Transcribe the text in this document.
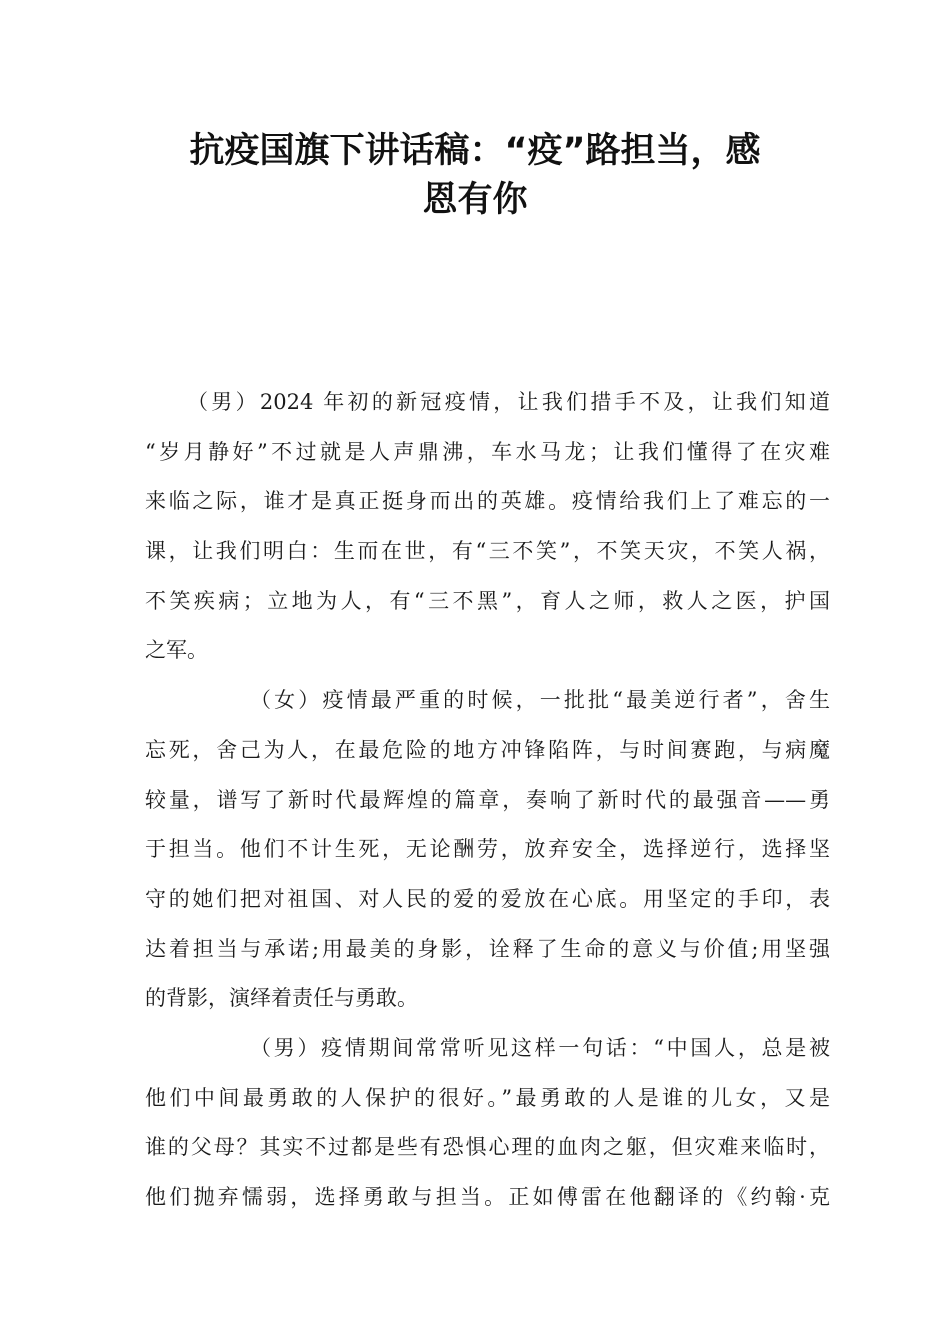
抗疫国旗下讲话稿：“疫”路担当，感
恩有你
（男）2024 年初的新冠疫情，让我们措手不及，让我们知道
“岁月静好”不过就是人声鼎沸，车水马龙；让我们懂得了在灾难
来临之际，谁才是真正挺身而出的英雄。疫情给我们上了难忘的一
课，让我们明白：生而在世，有“三不笑”，不笑天灾，不笑人祸，
不笑疾病；立地为人，有“三不黑”，育人之师，救人之医，护国
之军。
（女）疫情最严重的时候，一批批“最美逆行者”，舍生
忘死，舍己为人，在最危险的地方冲锋陷阵，与时间赛跑，与病魔
较量，谱写了新时代最辉煌的篇章，奏响了新时代的最强音——勇
于担当。他们不计生死，无论酬劳，放弃安全，选择逆行，选择坚
守的她们把对祖国、对人民的爱的爱放在心底。用坚定的手印，表
达着担当与承诺;用最美的身影，诠释了生命的意义与价值;用坚强
的背影，演绎着责任与勇敢。
（男）疫情期间常常听见这样一句话：“中国人，总是被
他们中间最勇敢的人保护的很好。”最勇敢的人是谁的儿女，又是
谁的父母？其实不过都是些有恐惧心理的血肉之躯，但灾难来临时，
他们抛弃懦弱，选择勇敢与担当。正如傅雷在他翻译的《约翰·克
